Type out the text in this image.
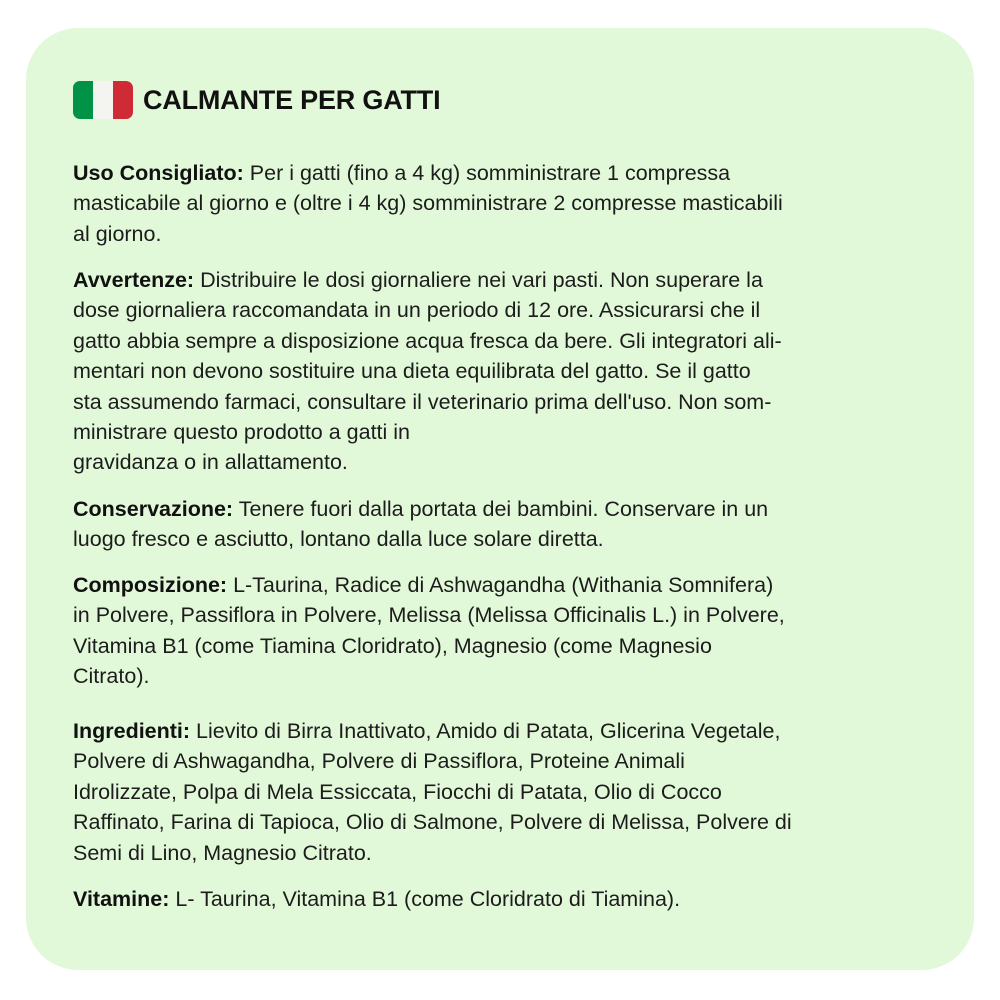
CALMANTE PER GATTI
Uso Consigliato: Per i gatti (fino a 4 kg) somministrare 1 compressa
masticabile al giorno e (oltre i 4 kg) somministrare 2 compresse masticabili
al giorno.
Avvertenze: Distribuire le dosi giornaliere nei vari pasti. Non superare la
dose giornaliera raccomandata in un periodo di 12 ore. Assicurarsi che il
gatto abbia sempre a disposizione acqua fresca da bere. Gli integratori ali-
mentari non devono sostituire una dieta equilibrata del gatto. Se il gatto
sta assumendo farmaci, consultare il veterinario prima dell'uso. Non som-
ministrare questo prodotto a gatti in
gravidanza o in allattamento.
Conservazione: Tenere fuori dalla portata dei bambini. Conservare in un
luogo fresco e asciutto, lontano dalla luce solare diretta.
Composizione: L-Taurina, Radice di Ashwagandha (Withania Somnifera)
in Polvere, Passiflora in Polvere, Melissa (Melissa Officinalis L.) in Polvere,
Vitamina B1 (come Tiamina Cloridrato), Magnesio (come Magnesio
Citrato).
Ingredienti: Lievito di Birra Inattivato, Amido di Patata, Glicerina Vegetale,
Polvere di Ashwagandha, Polvere di Passiflora, Proteine Animali
Idrolizzate, Polpa di Mela Essiccata, Fiocchi di Patata, Olio di Cocco
Raffinato, Farina di Tapioca, Olio di Salmone, Polvere di Melissa, Polvere di
Semi di Lino, Magnesio Citrato.
Vitamine: L- Taurina, Vitamina B1 (come Cloridrato di Tiamina).
